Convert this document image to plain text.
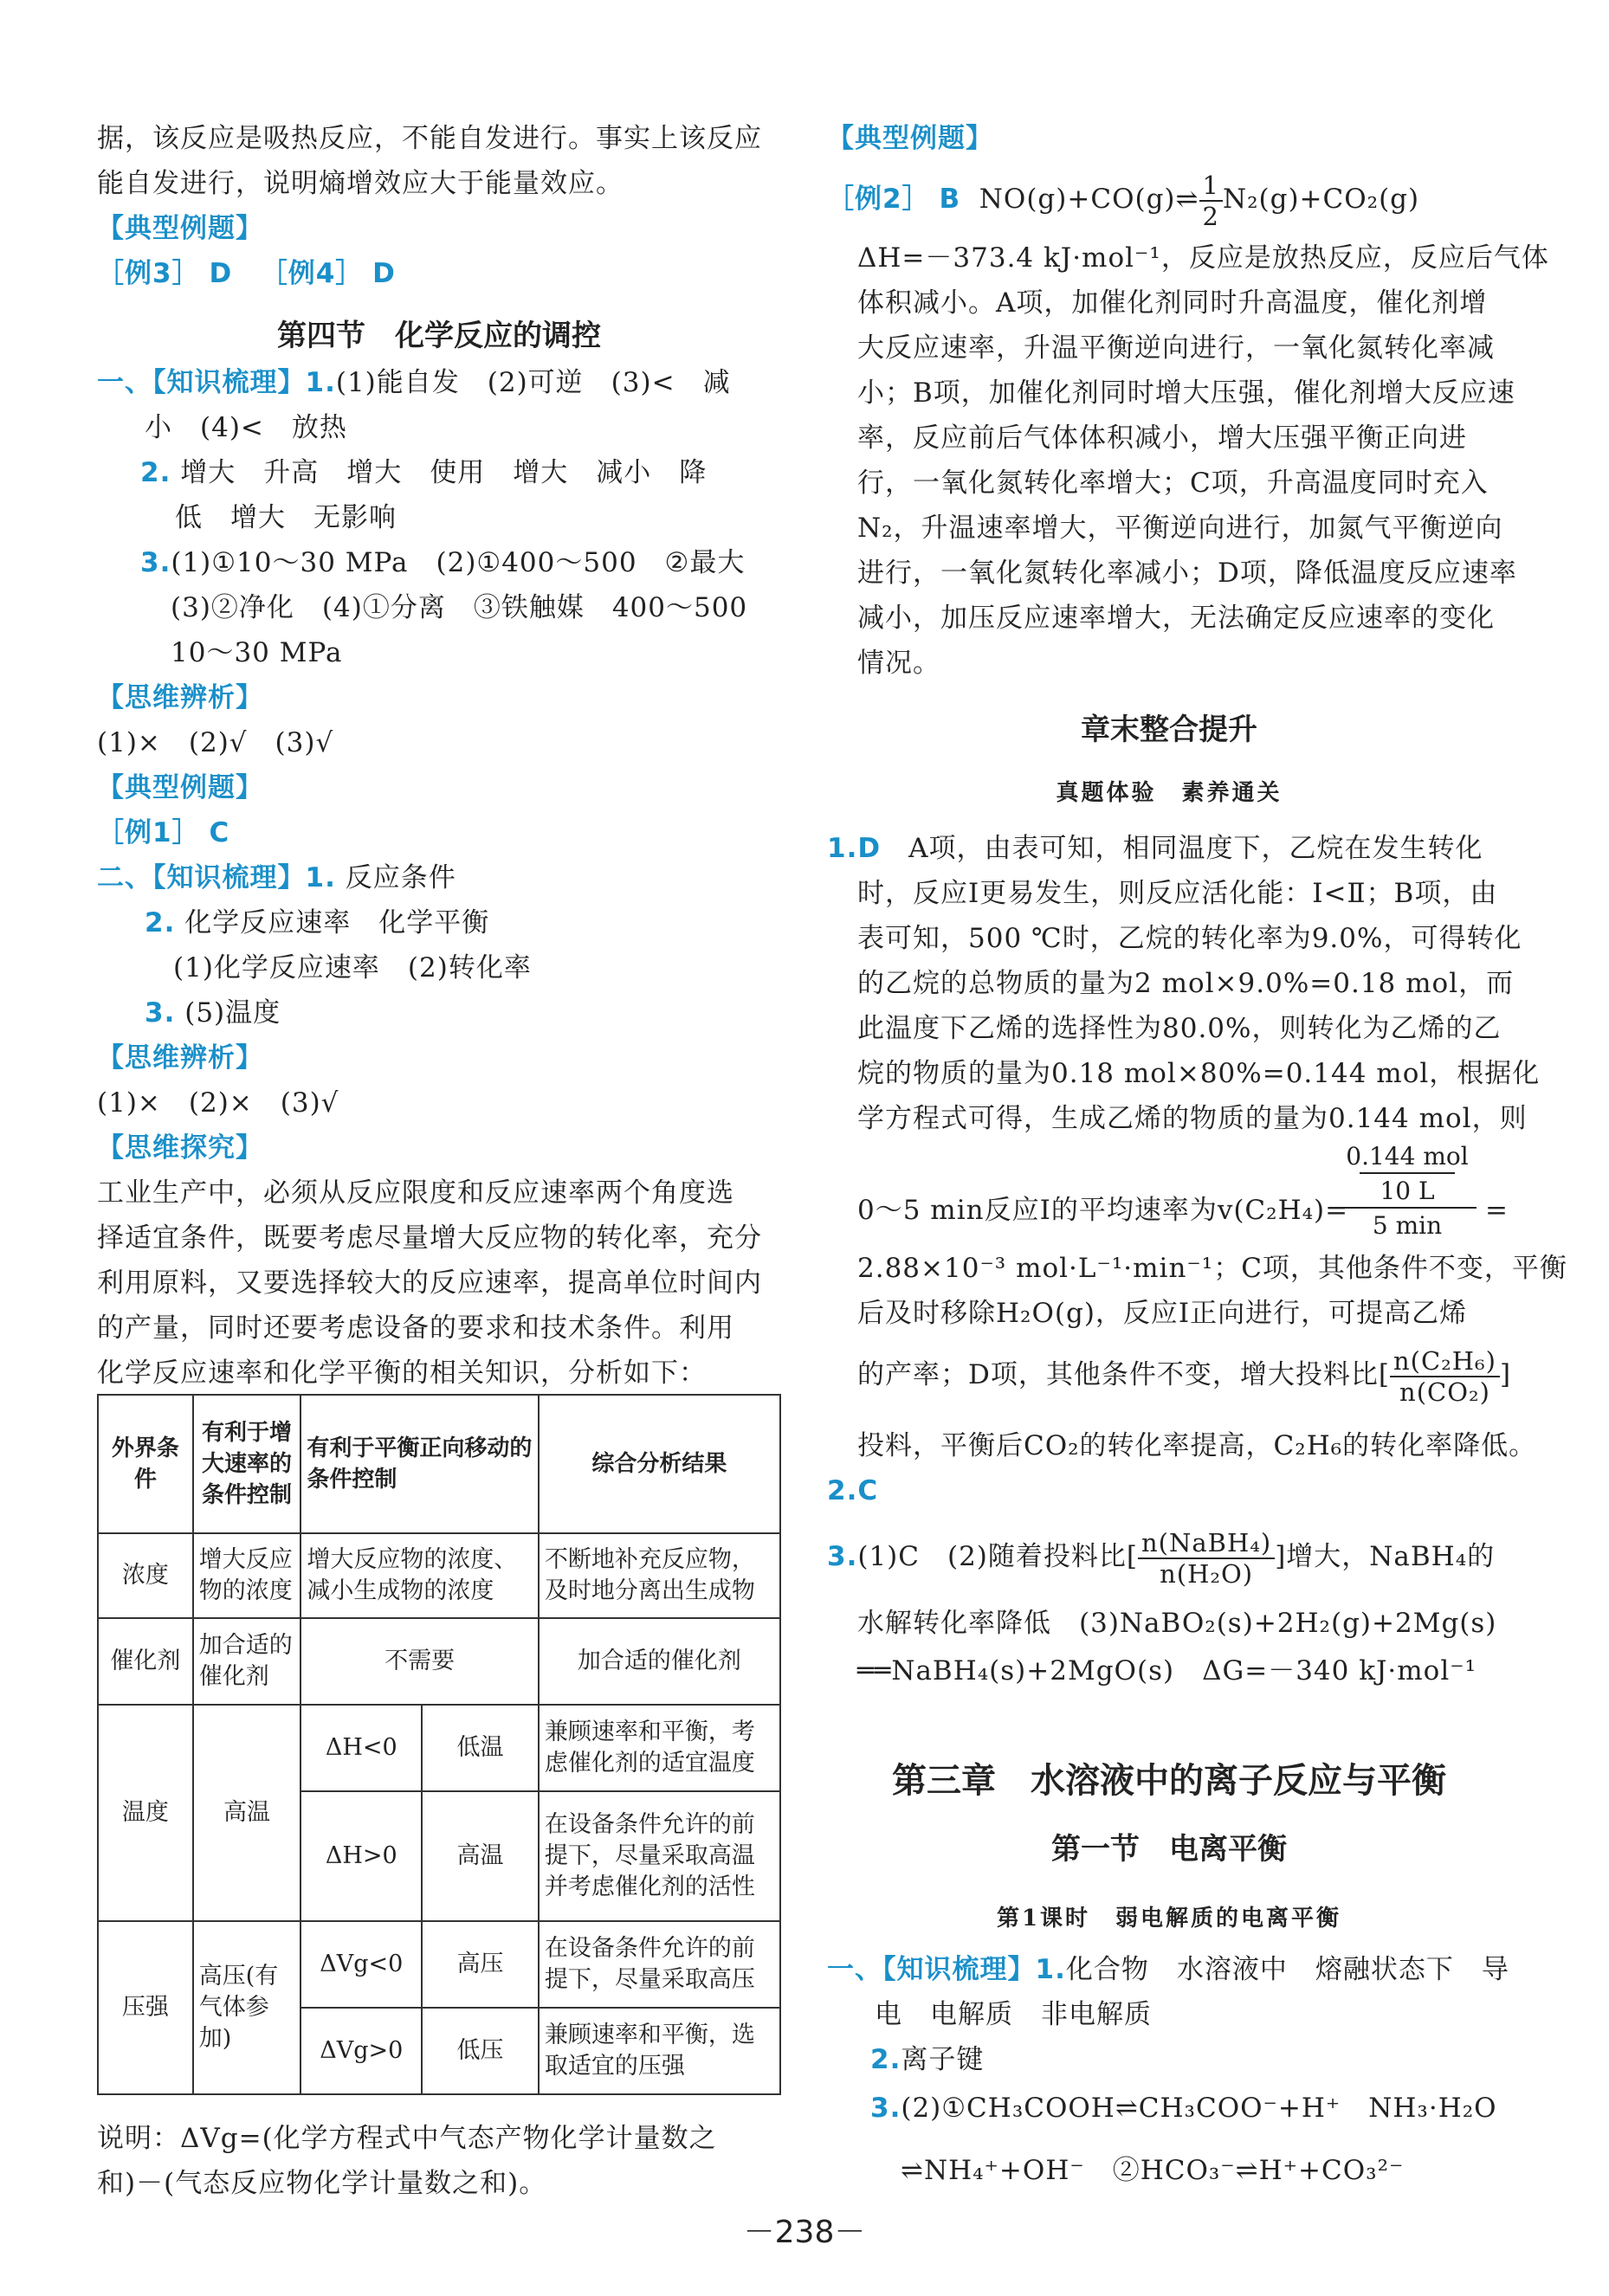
据，该反应是吸热反应，不能自发进行。事实上该反应
能自发进行，说明熵增效应大于能量效应。
【典型例题】
［例3］ D ［例4］ D
第四节　化学反应的调控
一、【知识梳理】1.(1)能自发　(2)可逆　(3)<　减
小　(4)<　放热
2. 增大　升高　增大　使用　增大　减小　降
低　增大　无影响
3.(1)①10～30 MPa　(2)①400～500　②最大
(3)②净化　(4)①分离　③铁触媒　400～500
10～30 MPa
【思维辨析】
(1)×　(2)√　(3)√
【典型例题】
［例1］ C
二、【知识梳理】1. 反应条件
2. 化学反应速率　化学平衡
(1)化学反应速率　(2)转化率
3. (5)温度
【思维辨析】
(1)×　(2)×　(3)√
【思维探究】
工业生产中，必须从反应限度和反应速率两个角度选
择适宜条件，既要考虑尽量增大反应物的转化率，充分
利用原料，又要选择较大的反应速率，提高单位时间内
的产量，同时还要考虑设备的要求和技术条件。利用
化学反应速率和化学平衡的相关知识，分析如下：
外界条件	有利于增大速率的条件控制	有利于平衡正向移动的条件控制		综合分析结果
浓度	增大反应物的浓度	增大反应物的浓度、减小生成物的浓度		不断地补充反应物，及时地分离出生成物
催化剂	加合适的催化剂	不需要		加合适的催化剂
温度	高温	ΔH<0	低温	兼顾速率和平衡，考虑催化剂的适宜温度
		ΔH>0	高温	在设备条件允许的前提下，尽量采取高温并考虑催化剂的活性
压强	高压(有气体参加)	ΔVg<0	高压	在设备条件允许的前提下，尽量采取高压
		ΔVg>0	低压	兼顾速率和平衡，选取适宜的压强
说明：ΔVg=(化学方程式中气态产物化学计量数之
和)－(气态反应物化学计量数之和)。
【典型例题】
［例2］ B NO(g)+CO(g)⇌ $\frac{1}{2} N_2(g)+CO_2(g)$
ΔH=－373.4 kJ·mol⁻¹，反应是放热反应，反应后气体
体积减小。A项，加催化剂同时升高温度，催化剂增
大反应速率，升温平衡逆向进行，一氧化氮转化率减
小；B项，加催化剂同时增大压强，催化剂增大反应速
率，反应前后气体体积减小，增大压强平衡正向进
行，一氧化氮转化率增大；C项，升高温度同时充入
N₂，升温速率增大，平衡逆向进行，加氮气平衡逆向
进行，一氧化氮转化率减小；D项，降低温度反应速率
减小，加压反应速率增大，无法确定反应速率的变化
情况。
章末整合提升
真题体验　素养通关
1.D　 A项，由表可知，相同温度下，乙烷在发生转化
时，反应Ⅰ更易发生，则反应活化能：Ⅰ<Ⅱ；B项，由
表可知，500 ℃时，乙烷的转化率为9.0%，可得转化
的乙烷的总物质的量为2 mol×9.0%=0.18 mol，而
此温度下乙烯的选择性为80.0%，则转化为乙烯的乙
烷的物质的量为0.18 mol×80%=0.144 mol，根据化
学方程式可得，生成乙烯的物质的量为0.144 mol，则
0.144 mol
10 L
5 min
0～5 min反应Ⅰ的平均速率为v(C₂H₄)=	=
2.88×10⁻³ mol·L⁻¹·min⁻¹；C项，其他条件不变，平衡
后及时移除H₂O(g)，反应Ⅰ正向进行，可提高乙烯
的产率；D项，其他条件不变，增大投料比[ $\frac{\text{n(C₂H₆)}}{\text{n(CO₂)}}$ ]
投料，平衡后CO₂的转化率提高，C₂H₆的转化率降低。
2.C
3.(1)C　(2)随着投料比[ $\frac{\text{n(NaBH₄)}}{\text{n(H₂O)}}$ ]增大，NaBH₄的
水解转化率降低　(3)NaBO₂(s)+2H₂(g)+2Mg(s)
══NaBH₄(s)+2MgO(s)　ΔG=－340 kJ·mol⁻¹
第三章　水溶液中的离子反应与平衡
第一节　电离平衡
第1课时　弱电解质的电离平衡
一、【知识梳理】1.化合物　水溶液中　熔融状态下　导
电　电解质　非电解质
2.离子键
3.(2)①CH₃COOH⇌CH₃COO⁻+H⁺　NH₃·H₂O
⇌NH₄⁺+OH⁻　②HCO₃⁻⇌H⁺+CO₃²⁻
－238－
